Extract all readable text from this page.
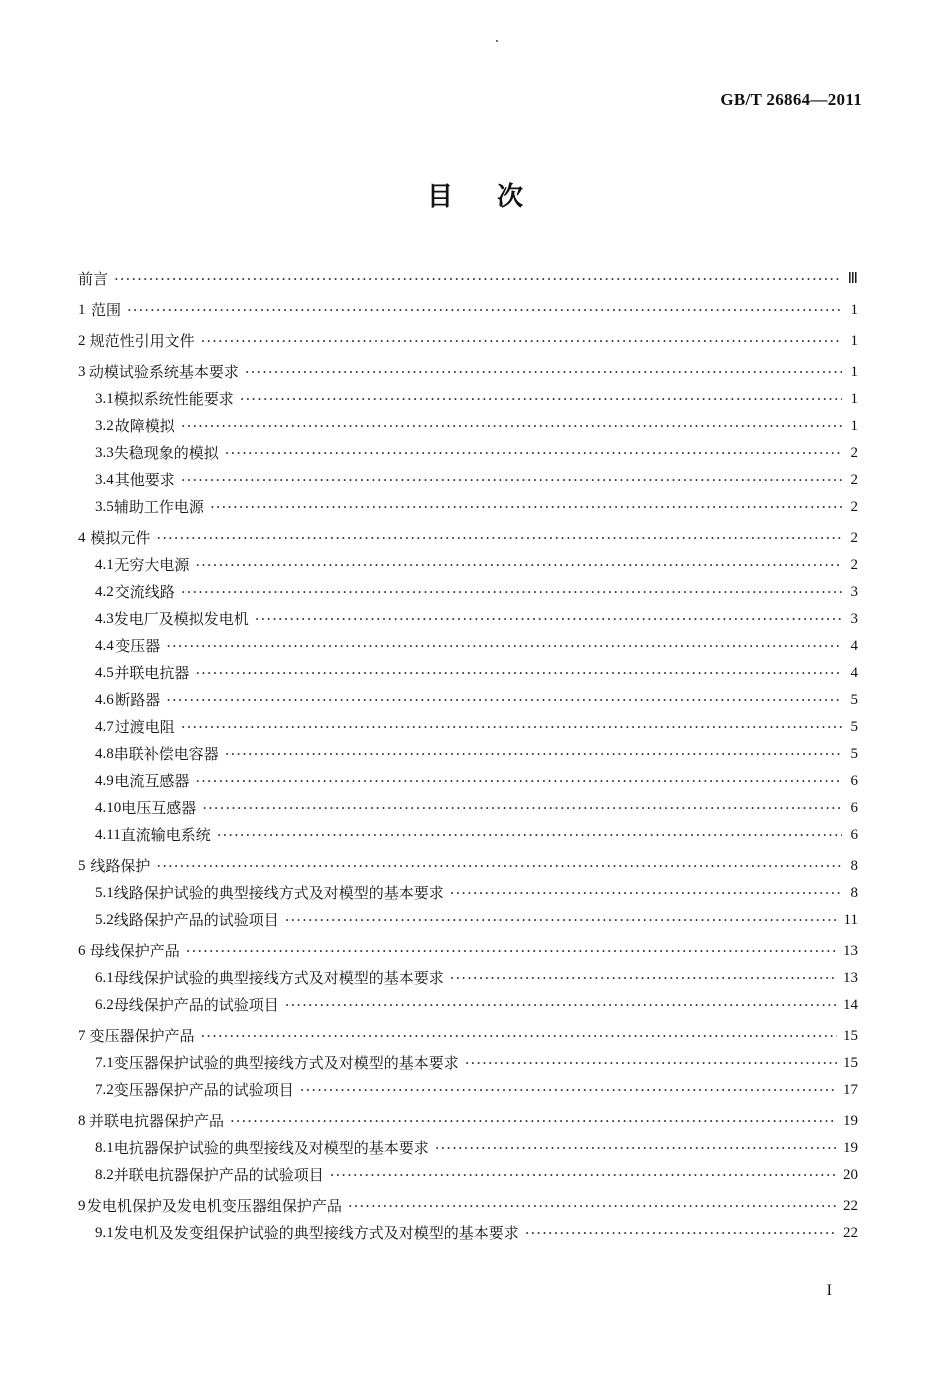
GB/T 26864—2011
目 次
前言 ·····	Ⅲ
1 范围 ·····	1
2 规范性引用文件 ·····	1
3 动模试验系统基本要求 ·····	1
3.1 模拟系统性能要求 ·····	1
3.2 故障模拟 ·····	1
3.3 失稳现象的模拟 ·····	2
3.4 其他要求 ·····	2
3.5 辅助工作电源 ·····	2
4 模拟元件 ·····	2
4.1 无穷大电源 ·····	2
4.2 交流线路 ·····	3
4.3 发电厂及模拟发电机 ·····	3
4.4 变压器 ·····	4
4.5 并联电抗器 ·····	4
4.6 断路器 ·····	5
4.7 过渡电阻 ·····	5
4.8 串联补偿电容器 ·····	5
4.9 电流互感器 ·····	6
4.10 电压互感器 ·····	6
4.11 直流输电系统 ·····	6
5 线路保护 ·····	8
5.1 线路保护试验的典型接线方式及对模型的基本要求 ·····	8
5.2 线路保护产品的试验项目 ·····	11
6 母线保护产品 ·····	13
6.1 母线保护试验的典型接线方式及对模型的基本要求 ·····	13
6.2 母线保护产品的试验项目 ·····	14
7 变压器保护产品 ·····	15
7.1 变压器保护试验的典型接线方式及对模型的基本要求 ·····	15
7.2 变压器保护产品的试验项目 ·····	17
8 并联电抗器保护产品 ·····	19
8.1 电抗器保护试验的典型接线及对模型的基本要求 ·····	19
8.2 并联电抗器保护产品的试验项目 ·····	20
9 发电机保护及发电机变压器组保护产品 ·····	22
9.1 发电机及发变组保护试验的典型接线方式及对模型的基本要求 ·····	22
I
